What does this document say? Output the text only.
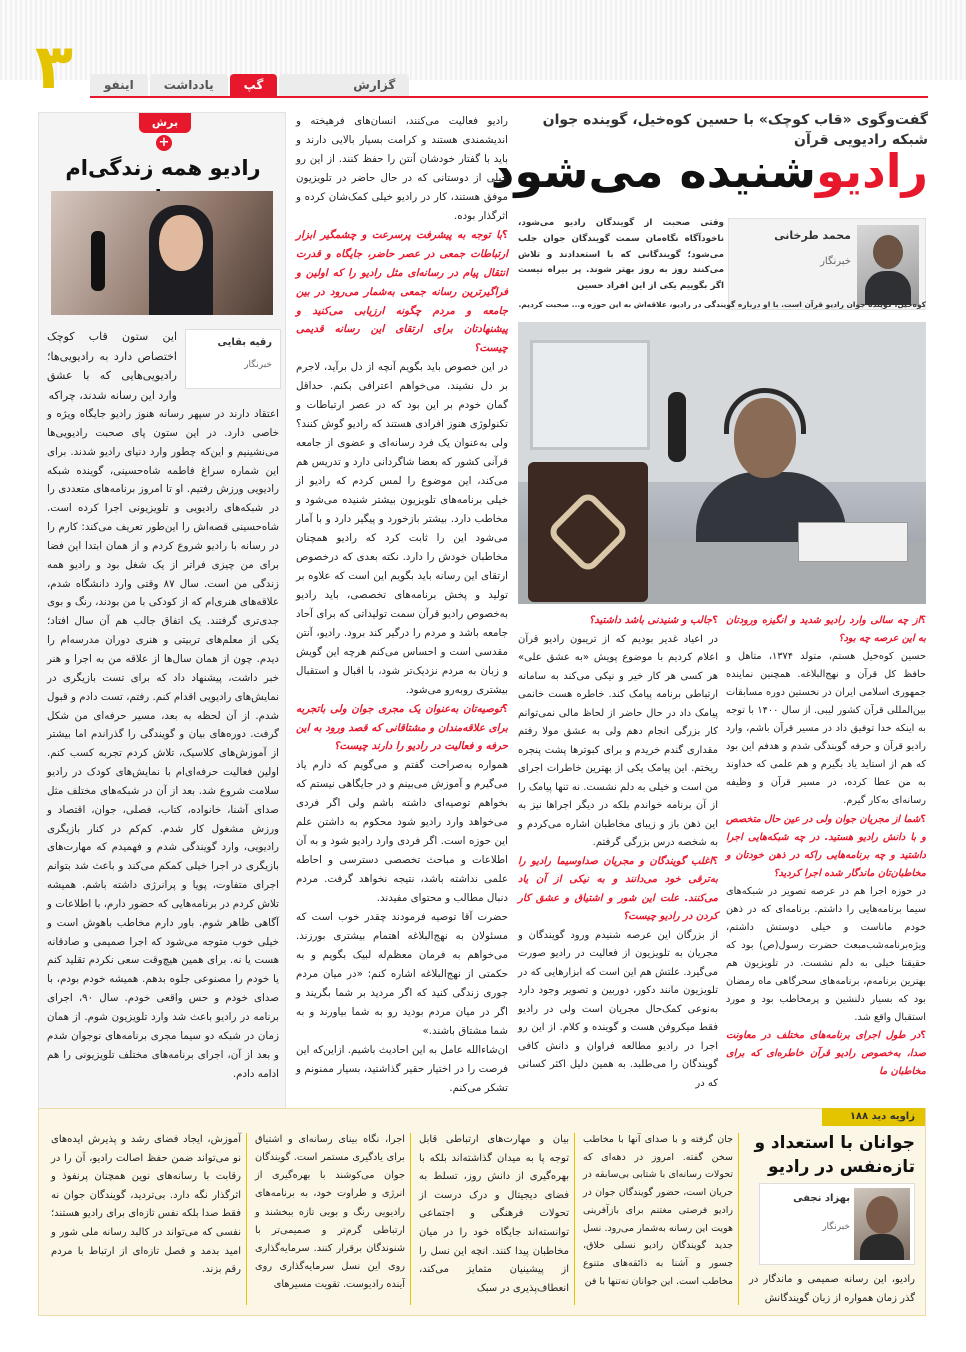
۳	اینفو	یادداشت	گپ	گزارش
گفت‌وگوی «قاب کوچک» با حسین کوه‌خیل، گوینده جوان شبکه رادیویی قرآن
رادیوشنیده می‌شود
محمد طرخانی
خبرنگار
وقتی صحبت از گویندگان رادیو می‌شود، ناخودآگاه نگاه‌مان سمت گویندگان جوان جلب می‌شود؛ گویندگانی که با استعدادند و تلاش می‌کنند روز به روز بهتر شوند. پر بیراه نیست اگر بگوییم یکی از این افراد حسین
کوه‌خیل، گوینده جوان رادیو قرآن است. با او درباره گویندگی در رادیو، علاقه‌اش به این حوزه و... صحبت کردیم.

؟ از چه سالی وارد رادیو شدید و انگیزه ورودتان به این عرصه چه بود؟

حسین کوه‌خیل هستم، متولد ۱۳۷۴، متاهل و حافظ کل قرآن و نهج‌البلاغه. همچنین نماینده جمهوری اسلامی ایران در نخستین دوره مسابقات بین‌المللی قرآن کشور لیبی. از سال ۱۴۰۰ با توجه به اینکه خدا توفیق داد در مسیر قرآن باشم، وارد رادیو قرآن و حرفه گویندگی شدم و هدفم این بود که هم از استاید یاد بگیرم و هم علمی که خداوند به من عطا کرده، در مسیر قرآن و وظیفه رسانه‌ای به‌کار گیرم.

؟ شما از مجریان جوان ولی در عین حال متخصص و با دانش رادیو هستید. در چه شبکه‌هایی اجرا داشتید و چه برنامه‌هایی راکه در ذهن خودتان و مخاطبان‌تان ماندگار شده اجرا کردید؟

در حوزه اجرا هم در عرصه تصویر در شبکه‌های سیما برنامه‌هایی را داشتم. برنامه‌ای که در ذهن خودم ماناست و خیلی دوستش داشتم، ویژه‌برنامه‌شب‌مبعث حضرت رسول(ص) بود که حقیقتا خیلی به دلم نشست. در تلویزیون هم بهترین برنامه‌م، برنامه‌های سحرگاهی ماه رمضان بود که بسیار دلنشین و پرمخاطب بود و مورد استقبال واقع شد.

؟ در طول اجرای برنامه‌های مختلف در معاونت صدا، به‌خصوص رادیو قرآن خاطره‌ای که برای مخاطبان ما

؟ جالب و شنیدنی باشد داشتید؟

در اعیاد غدیر بودیم که از تریبون رادیو قرآن اعلام کردیم با موضوع پویش «به عشق علی» هر کسی هر کار خیر و نیکی می‌کند به سامانه ارتباطی برنامه پیامک کند. خاطره هست خانمی پیامک داد در حال حاضر از لحاظ مالی نمی‌توانم کار بزرگی انجام دهم ولی به عشق مولا رفتم مقداری گندم خریدم و برای کبوترها پشت پنجره ریختم. این پیامک یکی از بهترین خاطرات اجرای من است و خیلی به دلم نشست. نه تنها پیامک را از آن برنامه خواندم بلکه در دیگر اجراها نیز به این ذهن باز و زیبای مخاطبان اشاره می‌کردم و به شخصه درس بزرگی گرفتم.

؟ اغلب گویندگان و مجریان صداوسیما رادیو را به‌ترقی خود می‌دانند و به نیکی از آن یاد می‌کنند. علت این شور و اشتیاق و عشق کار کردن در رادیو چیست؟

از بزرگان این عرصه شنیدم ورود گویندگان و مجریان به تلویزیون از فعالیت در رادیو صورت می‌گیرد. علتش هم این است که ابزارهایی که در تلویزیون مانند دکور، دوربین و تصویر وجود دارد به‌نوعی کمک‌حال مجریان است ولی در رادیو فقط میکروفن هست و گوینده و کلام. از این رو اجرا در رادیو مطالعه فراوان و دانش کافی گویندگان را می‌طلبد. به همین دلیل اکثر کسانی که در

رادیو فعالیت می‌کنند، انسان‌های فرهیخته و اندیشمندی هستند و کرامت بسیار بالایی دارند و باید با گفتار خودشان آنتن را حفظ کنند. از این رو خیلی از دوستانی که در حال حاضر در تلویزیون موفق هستند، کار در رادیو خیلی کمک‌شان کرده و اثرگذار بوده.

؟ با توجه به پیشرفت پرسرعت و چشمگیر ابزار ارتباطات جمعی در عصر حاضر، جایگاه و قدرت انتقال پیام در رسانه‌ای مثل رادیو را که اولین و فراگیرترین رسانه جمعی به‌شمار می‌رود در بین جامعه و مردم چگونه ارزیابی می‌کنید و پیشنهادتان برای ارتقای این رسانه قدیمی چیست؟

در این خصوص باید بگویم آنچه از دل برآید، لاجرم بر دل نشیند. می‌خواهم اعترافی بکنم. حداقل گمان خودم بر این بود که در عصر ارتباطات و تکنولوژی هنوز افرادی هستند که رادیو گوش کنند؟ ولی به‌عنوان یک فرد رسانه‌ای و عضوی از جامعه قرآنی کشور که بعضا شاگردانی دارد و تدریس هم می‌کند، این موضوع را لمس کردم که رادیو از خیلی برنامه‌های تلویزیون بیشتر شنیده می‌شود و مخاطب دارد. بیشتر بازخورد و پیگیر دارد و با آمار می‌شود این را ثابت کرد که رادیو همچنان مخاطبان خودش را دارد. نکته بعدی که درخصوص ارتقای این رسانه باید بگویم این است که علاوه بر تولید و پخش برنامه‌های تخصصی، باید رادیو به‌خصوص رادیو قرآن سمت تولیداتی که برای آحاد جامعه باشد و مردم را درگیر کند برود. رادیو، آنتن مقدسی است و احساس می‌کنم هرچه این گویش و زبان به مردم نزدیک‌تر شود، با اقبال و استقبال بیشتری روبه‌رو می‌شود.

؟ توصیه‌تان به‌عنوان یک مجری جوان ولی باتجربه برای علاقه‌مندان و مشتاقانی که قصد ورود به این حرفه و فعالیت در رادیو را دارند چیست؟

همواره به‌صراحت گفتم و می‌گویم که دارم یاد می‌گیرم و آموزش می‌بینم و در جایگاهی نیستم که بخواهم توصیه‌ای داشته باشم ولی اگر فردی می‌خواهد وارد رادیو شود محکوم به داشتن علم این حوزه است. اگر فردی وارد رادیو شود و به آن اطلاعات و مباحث تخصصی دسترسی و احاطه علمی نداشته باشد، نتیجه نخواهد گرفت. مردم دنبال مطالب و محتوای مفیدند.

حضرت آقا توصیه فرمودند چقدر خوب است که مسئولان به نهج‌البلاغه اهتمام بیشتری بورزند. می‌خواهم به فرمان معظم‌له لبیک بگویم و به حکمتی از نهج‌البلاغه اشاره کنم: «در میان مردم جوری زندگی کنید که اگر مردید بر شما بگریند و اگر در میان مردم بودید رو به شما بیاورند و به شما مشتاق باشند.»

ان‌شاءالله عامل به این احادیث باشیم. ازاین‌که این فرصت را در اختیار حقیر گذاشتید، بسیار ممنونم و تشکر می‌کنم.

برش
+
رادیو همه زندگی‌ام
رقیه بقایی
خبرنگار
این ستون قاب کوچک اختصاص دارد به رادیویی‌ها؛ رادیویی‌هایی که با عشق وارد این رسانه شدند، چراکه
اعتقاد دارند در سپهر رسانه هنوز رادیو جایگاه ویژه و خاصی دارد. در این ستون پای صحبت رادیویی‌ها می‌نشینیم و این‌که چطور وارد دنیای رادیو شدند. برای این شماره سراغ فاطمه شاه‌حسینی، گوینده شبکه رادیویی ورزش رفتیم. او تا امروز برنامه‌های متعددی را در شبکه‌های رادیویی و تلویزیونی اجرا کرده است. شاه‌حسینی قصه‌اش را این‌طور تعریف می‌کند: کارم را در رسانه با رادیو شروع کردم و از همان ابتدا این فضا برای من چیزی فراتر از یک شغل بود و رادیو همه زندگی من است. سال ۸۷ وقتی وارد دانشگاه شدم، علاقه‌های هنری‌ام که از کودکی با من بودند، رنگ و بوی جدی‌تری گرفتند. یک اتفاق جالب هم آن سال افتاد؛ یکی از معلم‌های تربیتی و هنری دوران مدرسه‌ام را دیدم. چون از همان سال‌ها از علاقه من به اجرا و هنر خبر داشت، پیشنهاد داد که برای تست بازیگری در نمایش‌های رادیویی اقدام کنم. رفتم، تست دادم و قبول شدم. از آن لحظه به بعد، مسیر حرفه‌ای من شکل گرفت. دوره‌های بیان و گویندگی را گذراندم اما بیشتر از آموزش‌های کلاسیک، تلاش کردم تجربه کسب کنم. اولین فعالیت حرفه‌ای‌ام با نمایش‌های کودک در رادیو سلامت شروع شد. بعد از آن در شبکه‌های مختلف مثل صدای آشنا، خانواده، کتاب، فصلی، جوان، اقتصاد و ورزش مشغول کار شدم. کم‌کم در کنار بازیگری رادیویی، وارد گویندگی شدم و فهمیدم که مهارت‌های بازیگری در اجرا خیلی کمکم می‌کند و باعث شد بتوانم اجرای متفاوت، پویا و پرانرژی داشته باشم. همیشه تلاش کردم در برنامه‌هایی که حضور دارم، با اطلاعات و آگاهی ظاهر شوم. باور دارم مخاطب باهوش است و خیلی خوب متوجه می‌شود که اجرا صمیمی و صادقانه هست یا نه. برای همین هیچ‌وقت سعی نکردم تقلید کنم یا خودم را مصنوعی جلوه بدهم. همیشه خودم بودم، با صدای خودم و حس واقعی خودم. سال ۹۰، اجرای برنامه در رادیو باعث شد وارد تلویزیون شوم. از همان زمان در شبکه دو سیما مجری برنامه‌های نوجوان شدم و بعد از آن، اجرای برنامه‌های مختلف تلویزیونی را هم ادامه دادم.
زاویه دید ۱۸۸
جوانان با استعداد و تازه‌نفس در رادیو
بهزاد نجفی
خبرنگار
رادیو، این رسانه صمیمی و ماندگار در گذر زمان همواره از زبان گویندگانش
جان گرفته و با صدای آنها با مخاطب سخن گفته. امروز در دهه‌ای که تحولات رسانه‌ای با شتابی بی‌سابقه در جریان است، حضور گویندگان جوان در رادیو فرصتی مغتنم برای بازآفرینی هویت این رسانه به‌شمار می‌رود. نسل جدید گویندگان رادیو نسلی خلاق، جسور و آشنا به ذائقه‌های متنوع مخاطب است. این جوانان نه‌تنها با فن
بیان و مهارت‌های ارتباطی قابل توجه پا به میدان گذاشته‌اند بلکه با بهره‌گیری از دانش روز، تسلط به فضای دیجیتال و درک درست از تحولات فرهنگی و اجتماعی توانسته‌اند جایگاه خود را در میان مخاطبان پیدا کنند. انچه این نسل را از پیشینیان متمایز می‌کند، انعطاف‌پذیری در سبک
اجرا، نگاه بینای رسانه‌ای و اشتیاق برای یادگیری مستمر است. گویندگان جوان می‌کوشند با بهره‌گیری از انرژی و طراوت خود، به برنامه‌های رادیویی رنگ و بویی تازه ببخشند و ارتباطی گرم‌تر و صمیمی‌تر با شنوندگان برقرار کنند. سرمایه‌گذاری روی این نسل سرمایه‌گذاری روی آینده رادیوست. تقویت مسیرهای
آموزش، ایجاد فضای رشد و پذیرش ایده‌های نو می‌تواند ضمن حفظ اصالت رادیو، آن را در رقابت با رسانه‌های نوین همچنان پرنفوذ و اثرگذار نگه دارد. بی‌تردید، گویندگان جوان نه فقط صدا بلکه نفس تازه‌ای برای رادیو هستند؛ نفسی که می‌تواند در کالبد رسانه ملی شور و امید بدمد و فصل تازه‌ای از ارتباط با مردم رقم بزند.
